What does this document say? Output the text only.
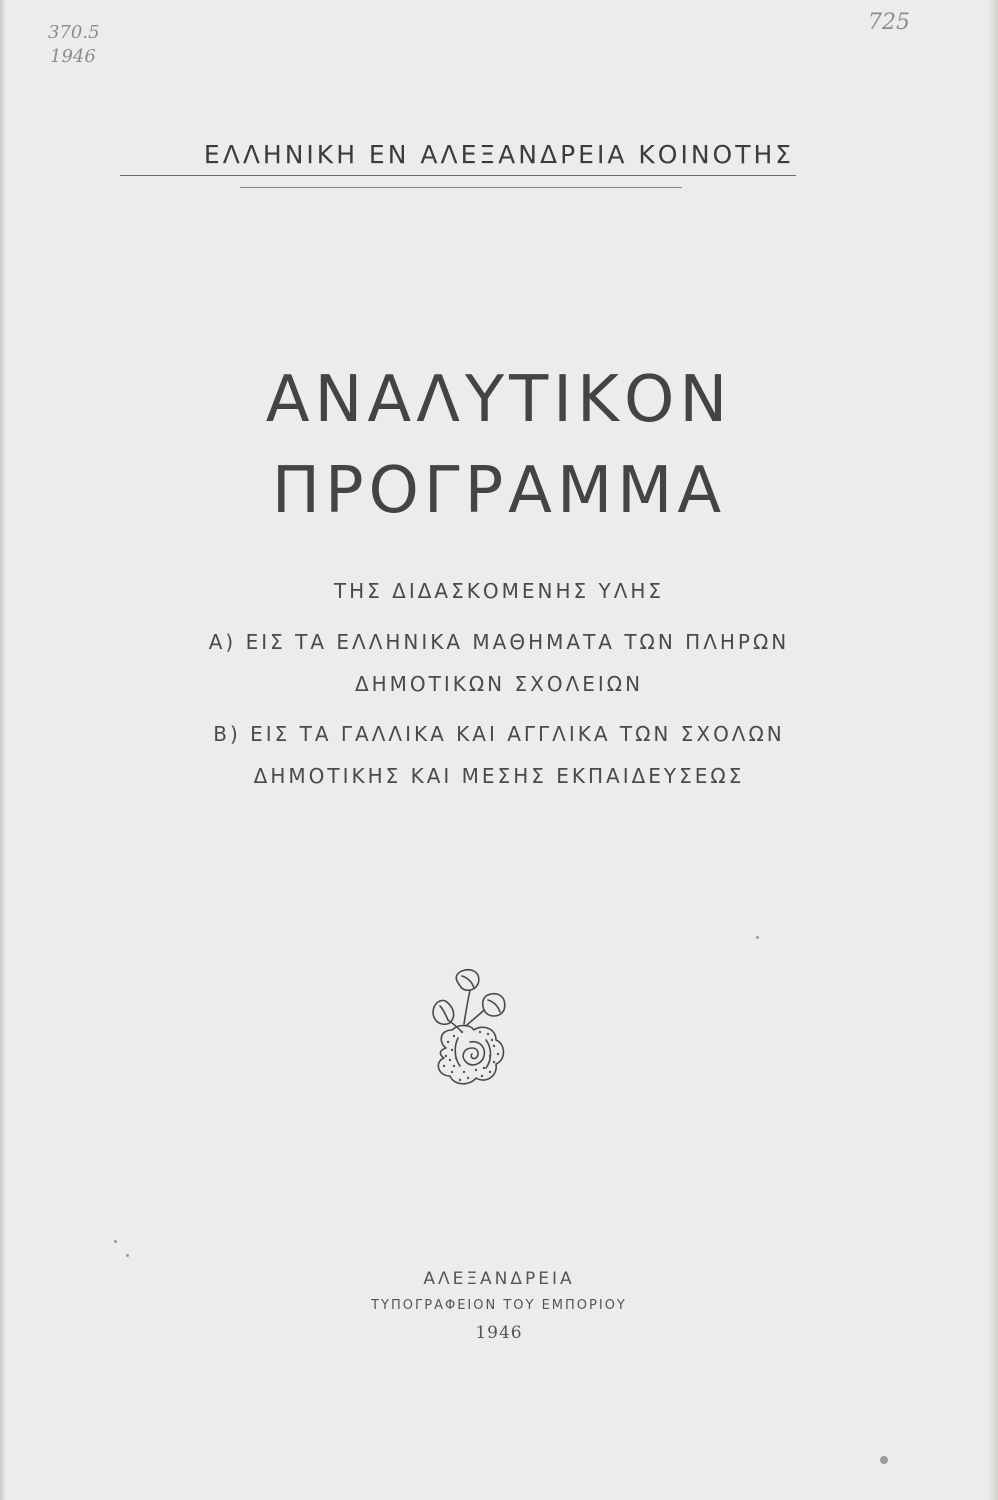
370.5
1946
725
ΕΛΛΗΝΙΚΗ ΕΝ ΑΛΕΞΑΝΔΡΕΙΑ ΚΟΙΝΟΤΗΣ
ΑΝΑΛΥΤΙΚΟΝ
ΠΡΟΓΡΑΜΜΑ
ΤΗΣ ΔΙΔΑΣΚΟΜΕΝΗΣ ΥΛΗΣ
Α) ΕΙΣ ΤΑ ΕΛΛΗΝΙΚΑ ΜΑΘΗΜΑΤΑ ΤΩΝ ΠΛΗΡΩΝ
ΔΗΜΟΤΙΚΩΝ ΣΧΟΛΕΙΩΝ
Β) ΕΙΣ ΤΑ ΓΑΛΛΙΚΑ ΚΑΙ ΑΓΓΛΙΚΑ ΤΩΝ ΣΧΟΛΩΝ
ΔΗΜΟΤΙΚΗΣ ΚΑΙ ΜΕΣΗΣ ΕΚΠΑΙΔΕΥΣΕΩΣ
ΑΛΕΞΑΝΔΡΕΙΑ
ΤΥΠΟΓΡΑΦΕΙΟΝ ΤΟΥ ΕΜΠΟΡΙΟΥ
1946
